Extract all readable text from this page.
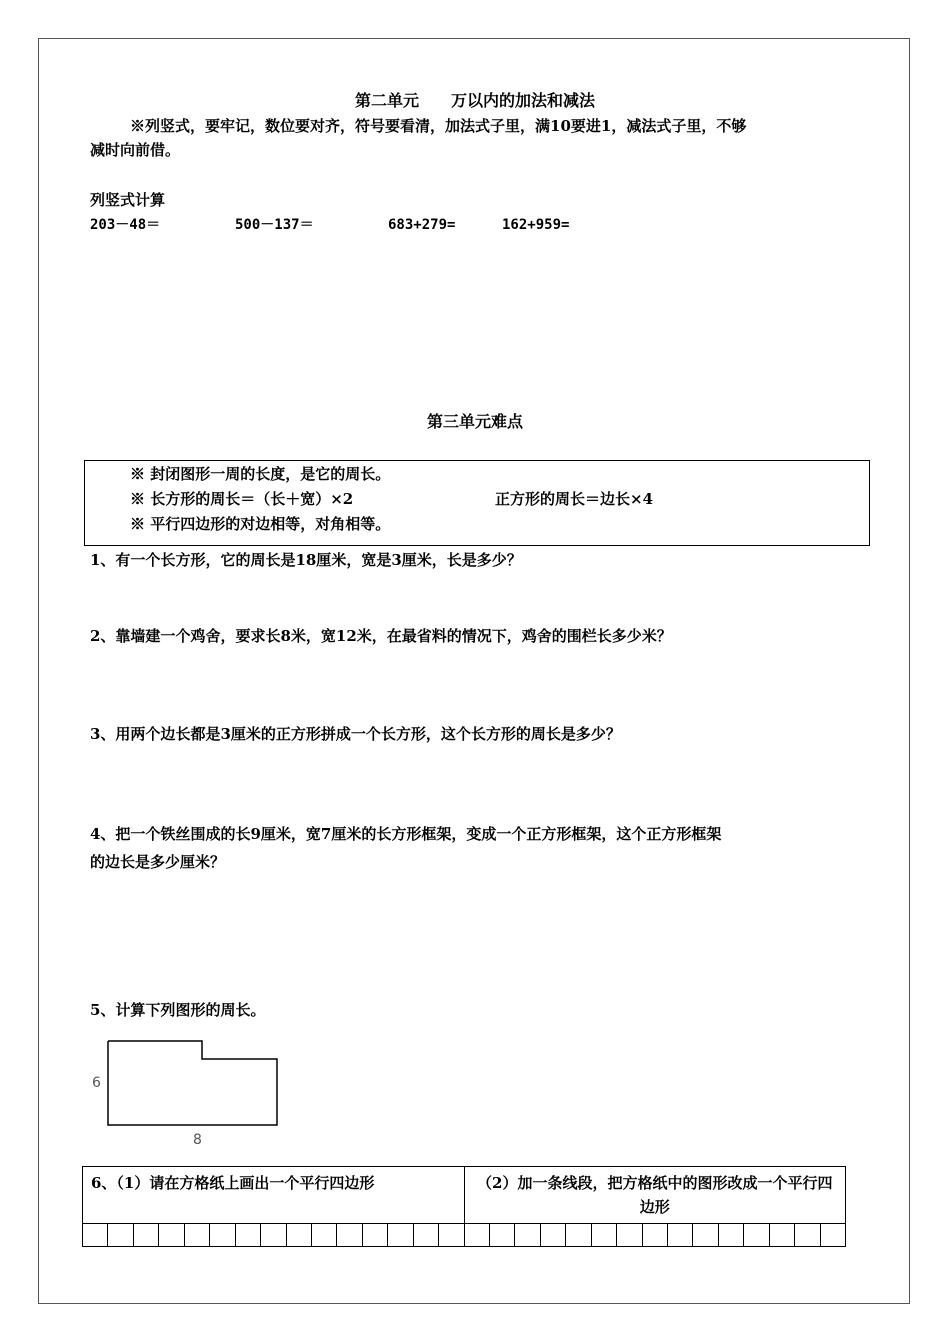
第二单元　　万以内的加法和减法
※列竖式，要牢记，数位要对齐，符号要看清，加法式子里，满10要进1，减法式子里，不够
减时向前借。
列竖式计算
203－48＝	500－137＝	683+279=	162+959=
第三单元难点
※ 封闭图形一周的长度，是它的周长。
※ 长方形的周长＝（长＋宽）×2	正方形的周长＝边长×4
※ 平行四边形的对边相等，对角相等。
1、有一个长方形，它的周长是18厘米，宽是3厘米，长是多少？
2、靠墙建一个鸡舍，要求长8米，宽12米，在最省料的情况下，鸡舍的围栏长多少米？
3、用两个边长都是3厘米的正方形拼成一个长方形，这个长方形的周长是多少？
4、把一个铁丝围成的长9厘米，宽7厘米的长方形框架，变成一个正方形框架，这个正方形框架
的边长是多少厘米？
5、计算下列图形的周长。
6
8
6、（1）请在方格纸上画出一个平行四边形	（2）加一条线段，把方格纸中的图形改成一个平行四边形
